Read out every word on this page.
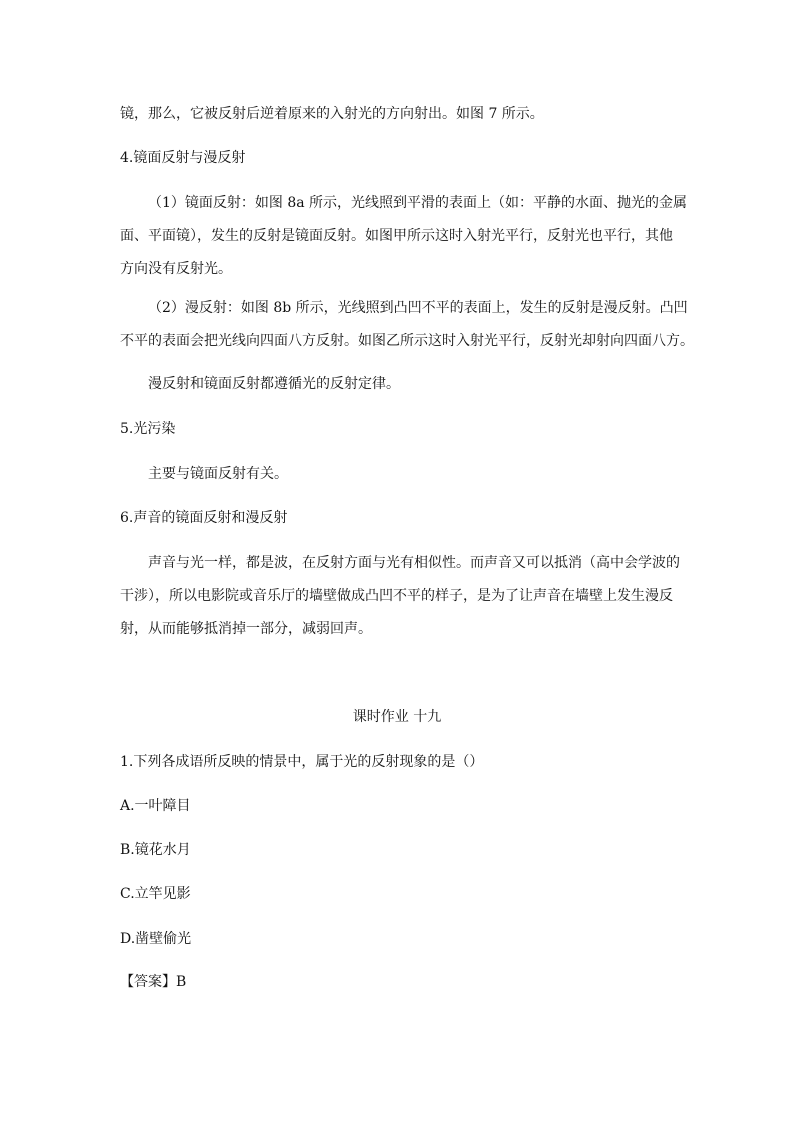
镜，那么，它被反射后逆着原来的入射光的方向射出。如图 7 所示。
4.镜面反射与漫反射
（1）镜面反射：如图 8a 所示，光线照到平滑的表面上（如：平静的水面、抛光的金属
面、平面镜），发生的反射是镜面反射。如图甲所示这时入射光平行，反射光也平行，其他
方向没有反射光。
（2）漫反射：如图 8b 所示，光线照到凸凹不平的表面上，发生的反射是漫反射。凸凹
不平的表面会把光线向四面八方反射。如图乙所示这时入射光平行，反射光却射向四面八方。
漫反射和镜面反射都遵循光的反射定律。
5.光污染
主要与镜面反射有关。
6.声音的镜面反射和漫反射
声音与光一样，都是波，在反射方面与光有相似性。而声音又可以抵消（高中会学波的
干涉），所以电影院或音乐厅的墙壁做成凸凹不平的样子，是为了让声音在墙壁上发生漫反
射，从而能够抵消掉一部分，减弱回声。
课时作业 十九
1.下列各成语所反映的情景中，属于光的反射现象的是（）
A.一叶障目
B.镜花水月
C.立竿见影
D.凿壁偷光
【答案】B
